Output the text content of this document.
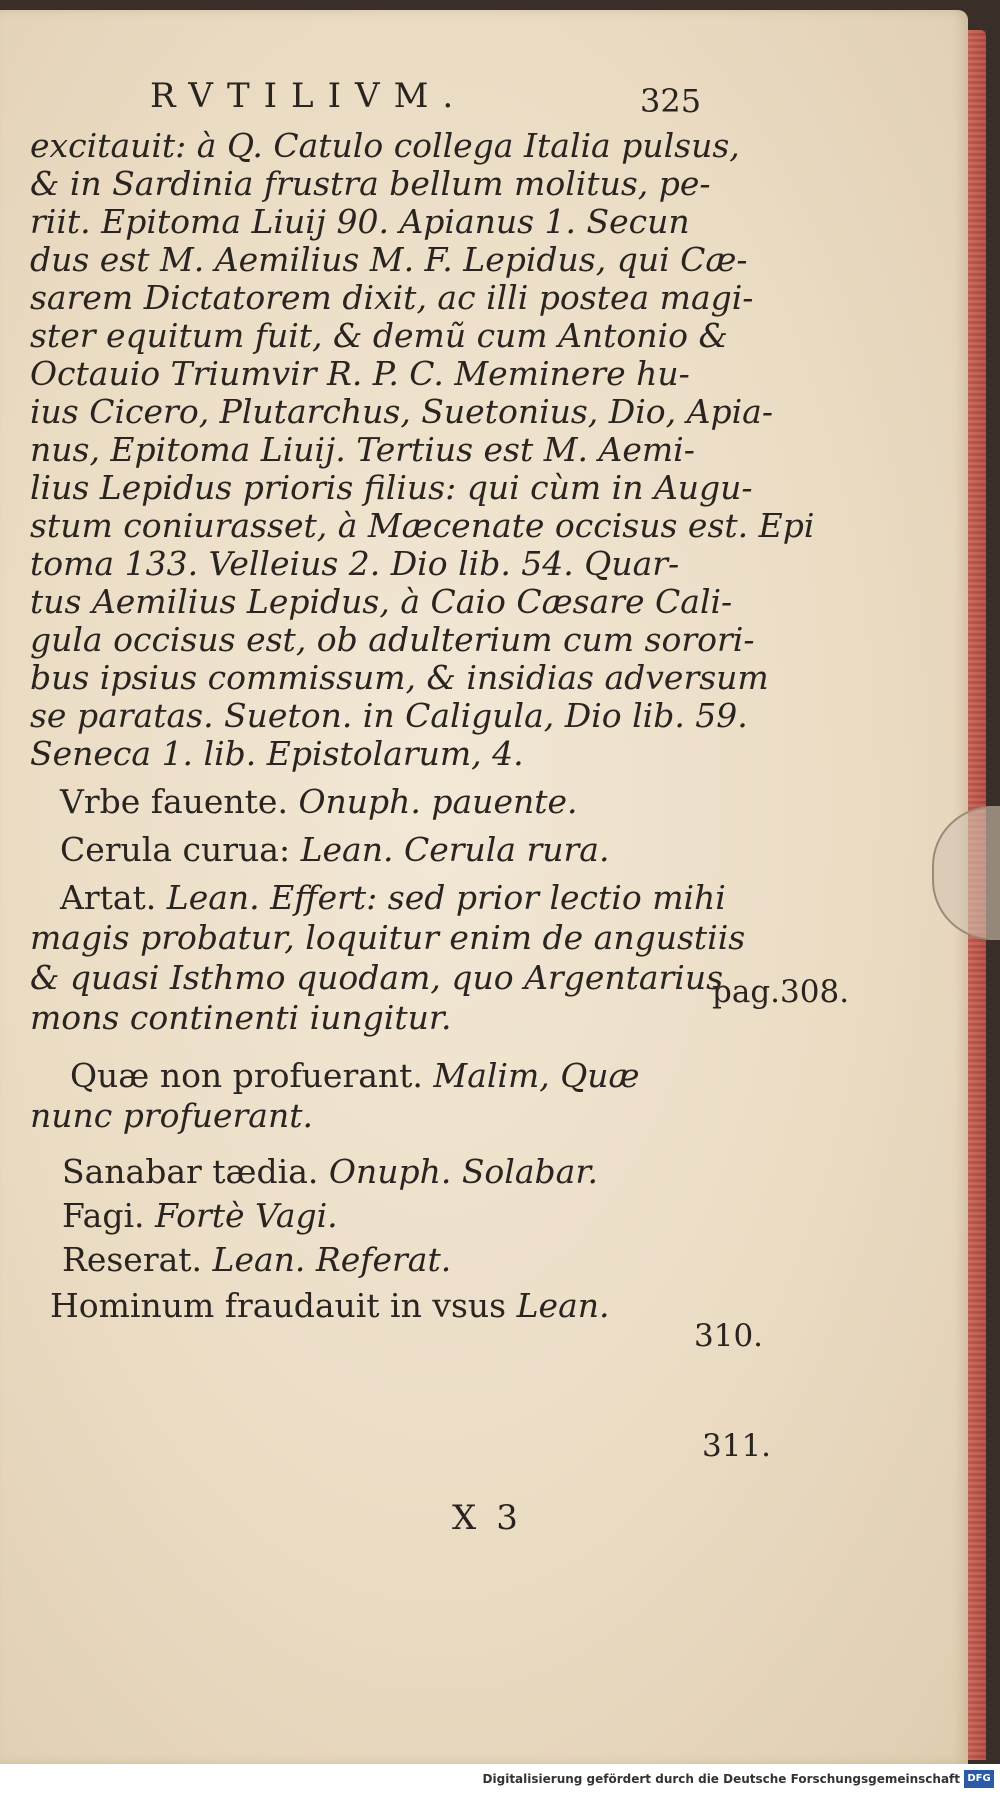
RVTILIVM.	325
excitauit: à Q. Catulo collega Italia pulsus,
& in Sardinia frustra bellum molitus, pe-
riit. Epitoma Liuij 90. Apianus 1. Secun
dus est M. Aemilius M. F. Lepidus, qui Cæ-
sarem Dictatorem dixit, ac illi postea magi-
ster equitum fuit, & demũ cum Antonio &
Octauio Triumvir R. P. C. Meminere hu-
ius Cicero, Plutarchus, Suetonius, Dio, Apia-
nus, Epitoma Liuij. Tertius est M. Aemi-
lius Lepidus prioris filius: qui cùm in Augu-
stum coniurasset, à Mæcenate occisus est. Epi
toma 133. Velleius 2. Dio lib. 54. Quar-
tus Aemilius Lepidus, à Caio Cæsare Cali-
gula occisus est, ob adulterium cum sorori-
bus ipsius commissum, & insidias adversum
se paratas. Sueton. in Caligula, Dio lib. 59.
Seneca 1. lib. Epistolarum, 4.
Vrbe fauente. Onuph. pauente.
Cerula curua: Lean. Cerula rura.
Artat. Lean. Effert: sed prior lectio mihi
magis probatur, loquitur enim de angustiis
& quasi Isthmo quodam, quo Argentarius
mons continenti iungitur.
Quæ non profuerant. Malim, Quæ
nunc profuerant.
Sanabar tædia. Onuph. Solabar.
Fagi. Fortè Vagi.
Reserat. Lean. Referat.
Hominum fraudauit in vsus Lean.
pag.308.
310.
311.
X3
Digitalisierung gefördert durch die Deutsche Forschungsgemeinschaft DFG
